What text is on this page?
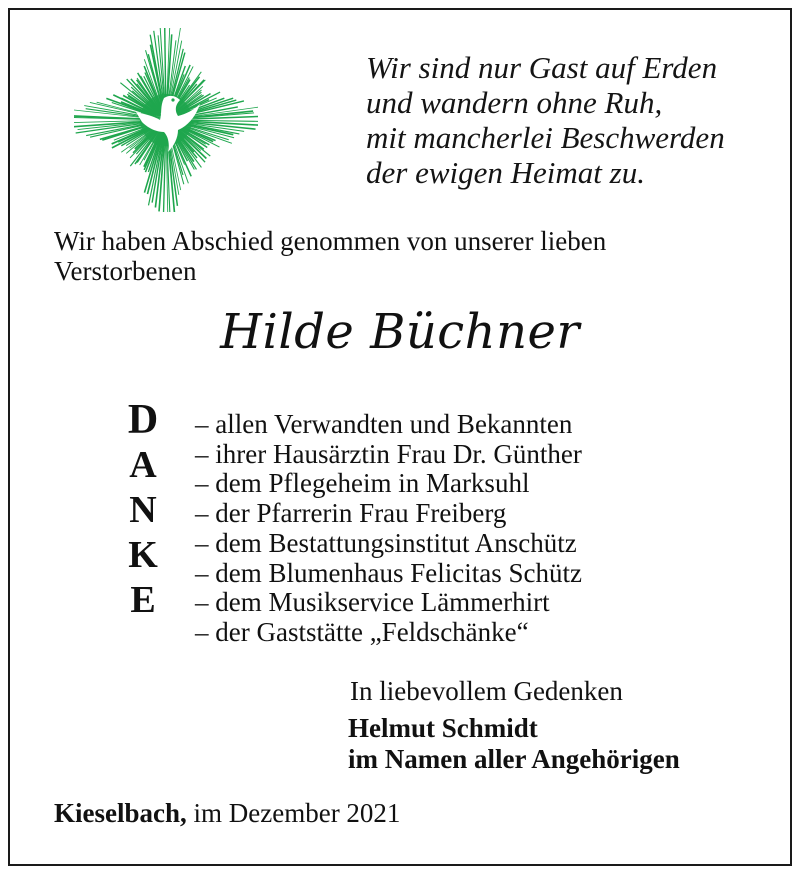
Wir sind nur Gast auf Erden
und wandern ohne Ruh,
mit mancherlei Beschwerden
der ewigen Heimat zu.
Wir haben Abschied genommen von unserer lieben Verstorbenen
Hilde Büchner
D
A
N
K
E
– allen Verwandten und Bekannten
– ihrer Hausärztin Frau Dr. Günther
– dem Pflegeheim in Marksuhl
– der Pfarrerin Frau Freiberg
– dem Bestattungsinstitut Anschütz
– dem Blumenhaus Felicitas Schütz
– dem Musikservice Lämmerhirt
– der Gaststätte „Feldschänke“
In liebevollem Gedenken
Helmut Schmidt
im Namen aller Angehörigen
Kieselbach, im Dezember 2021
